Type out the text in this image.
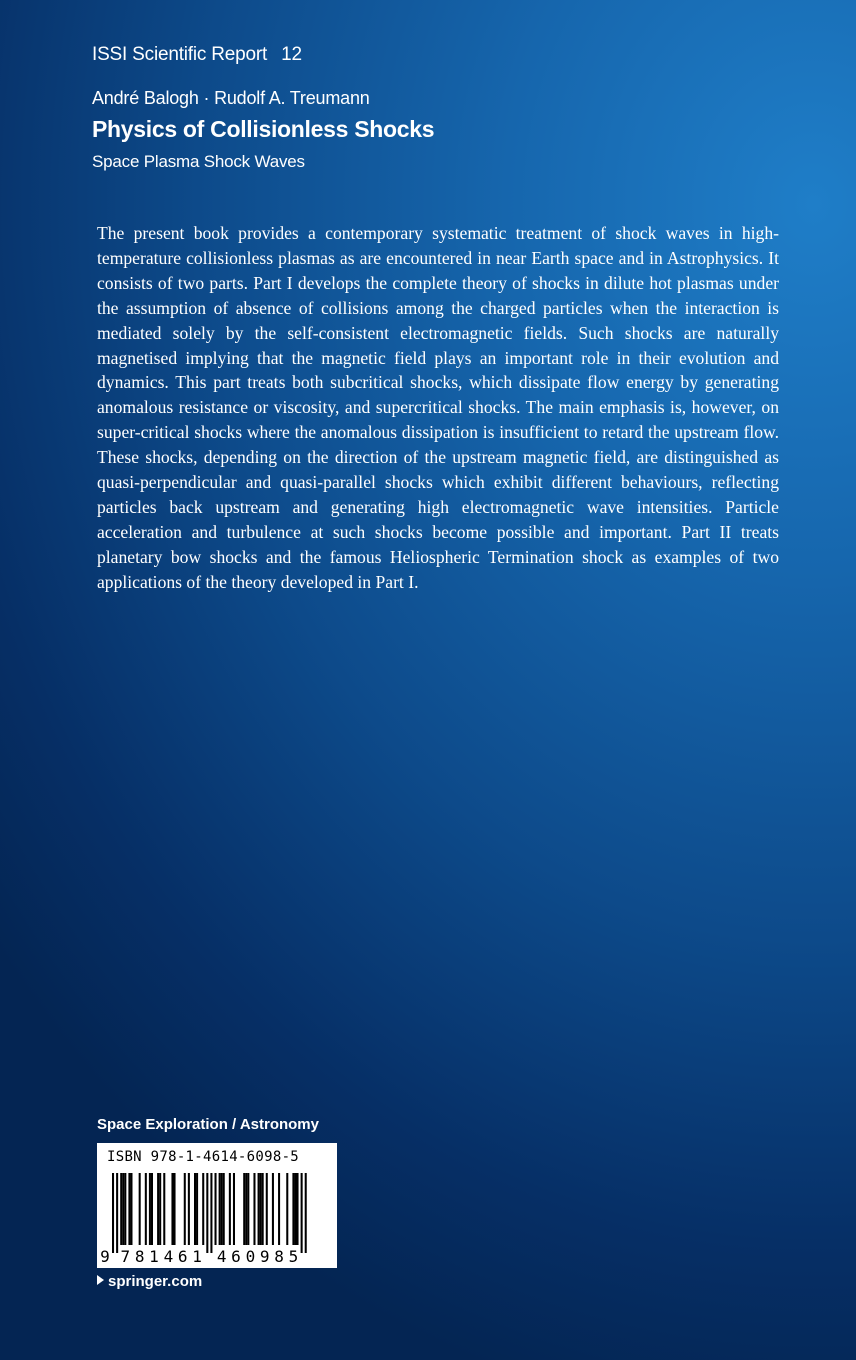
ISSI Scientific Report 12
André Balogh · Rudolf A. Treumann
Physics of Collisionless Shocks
Space Plasma Shock Waves

The present book provides a contemporary systematic treatment of shock waves in high-temperature collisionless plasmas as are encountered in near Earth space and in Astrophysics. It consists of two parts. Part I develops the complete theory of shocks in dilute hot plasmas under the assumption of absence of collisions among the charged particles when the interaction is mediated solely by the self-consistent electromagnetic fields. Such shocks are naturally magnetised implying that the magnetic field plays an important role in their evolution and dynamics. This part treats both subcritical shocks, which dissipate flow energy by generating anomalous resistance or viscosity, and supercritical shocks. The main emphasis is, however, on super-critical shocks where the anomalous dissipation is insufficient to retard the upstream flow. These shocks, depending on the direction of the upstream magnetic field, are distinguished as quasi-perpendicular and quasi-parallel shocks which exhibit different behaviours, reflecting particles back upstream and generating high electromagnetic wave intensities. Particle acceleration and turbulence at such shocks become possible and important. Part II treats planetary bow shocks and the famous Heliospheric Termination shock as examples of two applications of the theory developed in Part I.

Space Exploration / Astronomy
ISBN 978-1-4614-6098-5
9 7 8 1 4 6 1 4 6 0 9 8 5
springer.com
